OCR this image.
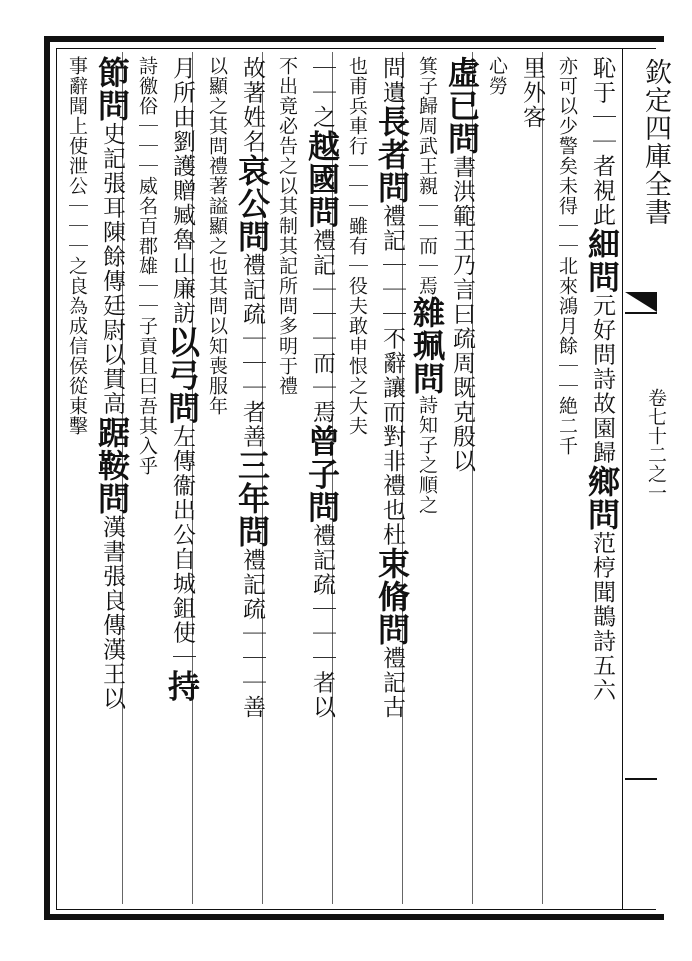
欽定四庫全書
卷七十二之一
恥于｜｜者視此細問元好問詩故園歸鄉問范梈聞鵲詩五六
亦可以少警矣未得｜｜北來鴻月餘｜｜絶二千
里外客
心勞
虛已問書洪範王乃言曰疏周既克殷以
箕子歸周武王親｜｜而｜焉雜珮問詩知子之順之
問遺長者問禮記｜｜｜不辭讓而對非禮也杜束脩問禮記古
也甫兵車行｜｜｜雖有｜役夫敢申恨之大夫
｜｜之越國問禮記｜｜｜而｜焉曾子問禮記疏｜｜｜者以
不出竟必告之以其制其記所問多明于禮
故著姓名哀公問禮記疏｜｜｜者善三年問禮記疏｜｜｜善
以顯之其問禮著謚顯之也其問以知喪服年
月所由劉護贈臧魯山廉訪以弓問左傳衞出公自城鉏使｜持
詩徼俗｜｜｜威名百郡雄｜｜子貢且曰吾其入乎
節問史記張耳陳餘傳廷尉以貫高踞鞍問漢書張良傳漢王以
事辭聞上使泄公｜｜｜之良為成信侯從東擊
